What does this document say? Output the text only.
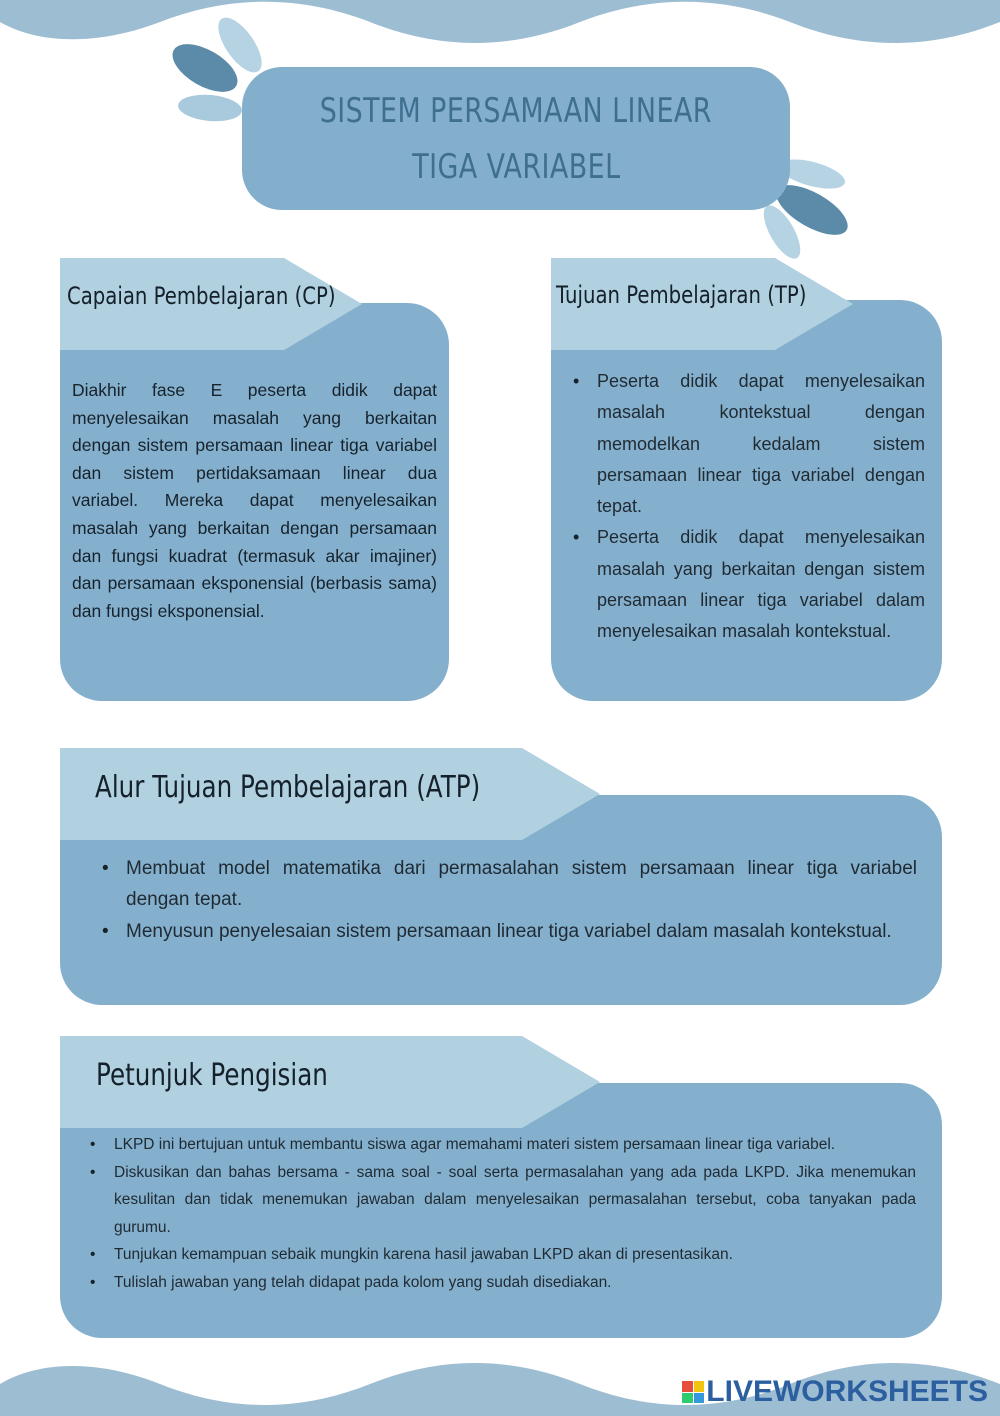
SISTEM PERSAMAAN LINEAR
TIGA VARIABEL
Capaian Pembelajaran (CP)
Diakhir fase E peserta didik dapat menyelesaikan masalah yang berkaitan dengan sistem persamaan linear tiga variabel dan sistem pertidaksamaan linear dua variabel. Mereka dapat menyelesaikan masalah yang berkaitan dengan persamaan dan fungsi kuadrat (termasuk akar imajiner) dan persamaan eksponensial (berbasis sama) dan fungsi eksponensial.
Tujuan Pembelajaran (TP)
• Peserta didik dapat menyelesaikan masalah kontekstual dengan memodelkan kedalam sistem persamaan linear tiga variabel dengan tepat.
• Peserta didik dapat menyelesaikan masalah yang berkaitan dengan sistem persamaan linear tiga variabel dalam menyelesaikan masalah kontekstual.
Alur Tujuan Pembelajaran (ATP)
• Membuat model matematika dari permasalahan sistem persamaan linear tiga variabel dengan tepat.
• Menyusun penyelesaian sistem persamaan linear tiga variabel dalam masalah kontekstual.
Petunjuk Pengisian
• LKPD ini bertujuan untuk membantu siswa agar memahami materi sistem persamaan linear tiga variabel.
• Diskusikan dan bahas bersama - sama soal - soal serta permasalahan yang ada pada LKPD. Jika menemukan kesulitan dan tidak menemukan jawaban dalam menyelesaikan permasalahan tersebut, coba tanyakan pada gurumu.
• Tunjukan kemampuan sebaik mungkin karena hasil jawaban LKPD akan di presentasikan.
• Tulislah jawaban yang telah didapat pada kolom yang sudah disediakan.
LIVEWORKSHEETS
